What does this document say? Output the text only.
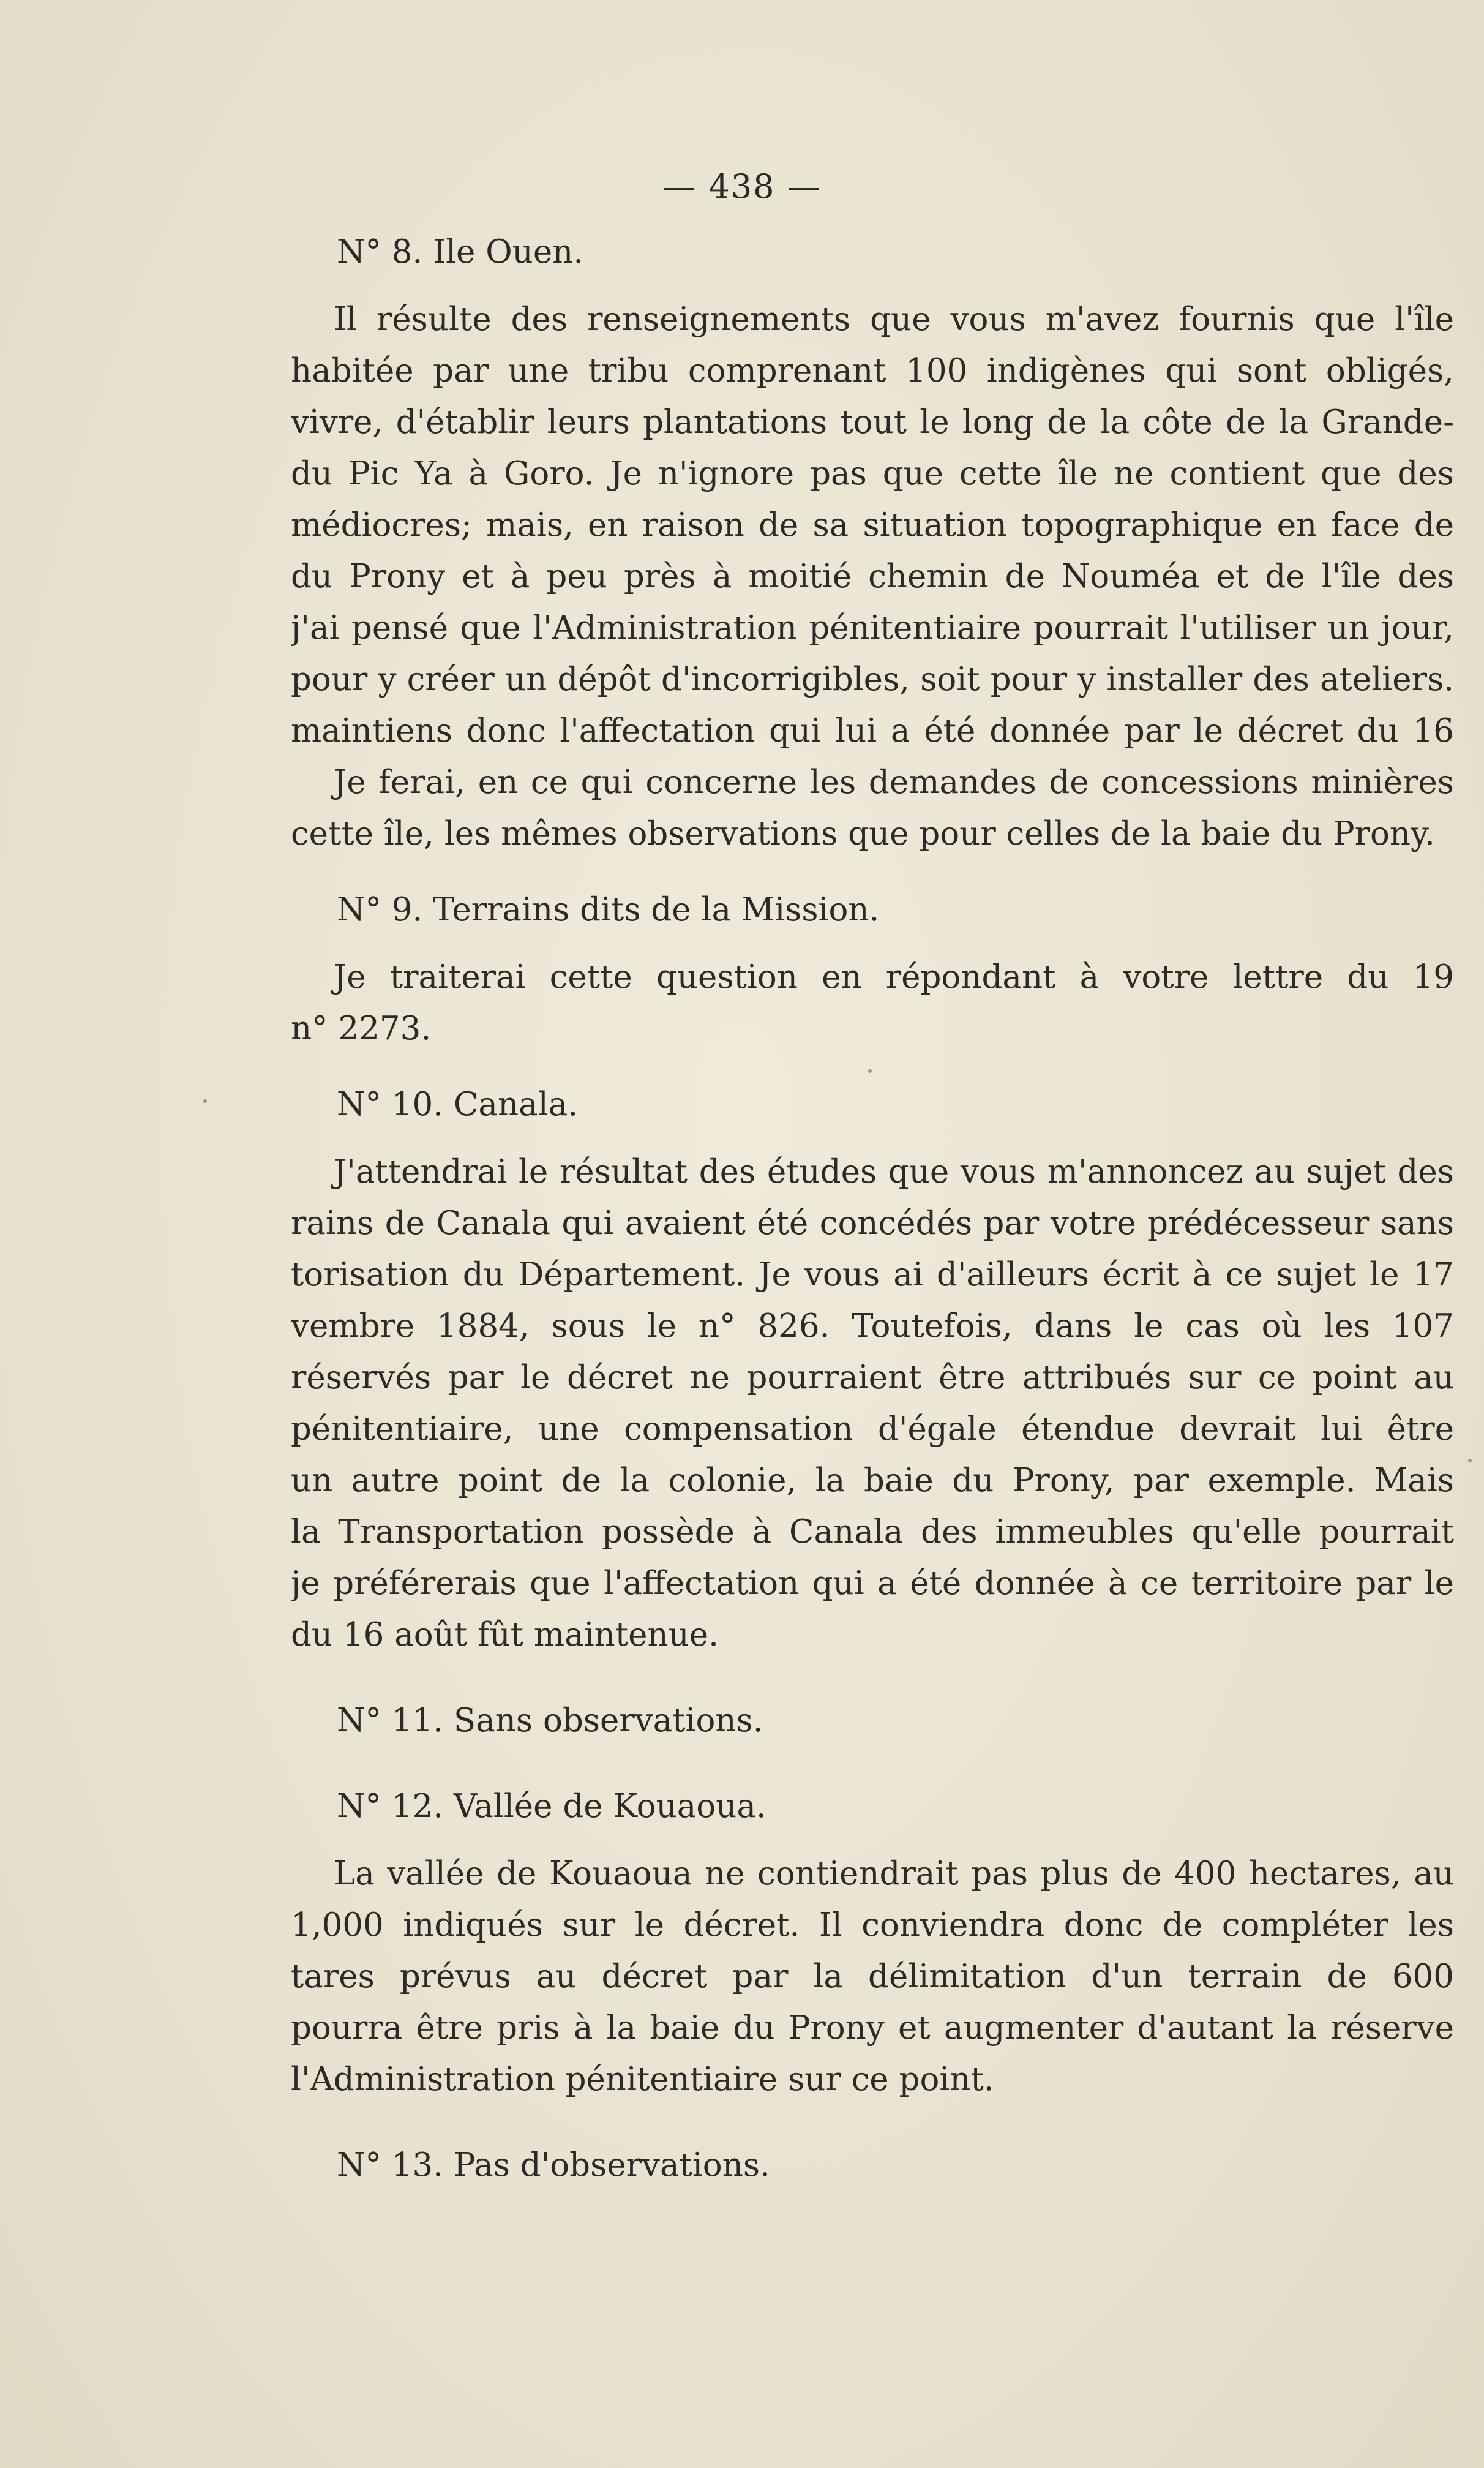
— 438 —
N° 8. Ile Ouen.
Il résulte des renseignements que vous m'avez fournis que l'île
habitée par une tribu comprenant 100 indigènes qui sont obligés,
vivre, d'établir leurs plantations tout le long de la côte de la Grande-
du Pic Ya à Goro. Je n'ignore pas que cette île ne contient que des
médiocres; mais, en raison de sa situation topographique en face de
du Prony et à peu près à moitié chemin de Nouméa et de l'île des
j'ai pensé que l'Administration pénitentiaire pourrait l'utiliser un jour,
pour y créer un dépôt d'incorrigibles, soit pour y installer des ateliers.
maintiens donc l'affectation qui lui a été donnée par le décret du 16
Je ferai, en ce qui concerne les demandes de concessions minières
cette île, les mêmes observations que pour celles de la baie du Prony.
N° 9. Terrains dits de la Mission.
Je traiterai cette question en répondant à votre lettre du 19
n° 2273.
N° 10. Canala.
J'attendrai le résultat des études que vous m'annoncez au sujet des
rains de Canala qui avaient été concédés par votre prédécesseur sans
torisation du Département. Je vous ai d'ailleurs écrit à ce sujet le 17
vembre 1884, sous le n° 826. Toutefois, dans le cas où les 107
réservés par le décret ne pourraient être attribués sur ce point au
pénitentiaire, une compensation d'égale étendue devrait lui être
un autre point de la colonie, la baie du Prony, par exemple. Mais
la Transportation possède à Canala des immeubles qu'elle pourrait
je préférerais que l'affectation qui a été donnée à ce territoire par le
du 16 août fût maintenue.
N° 11. Sans observations.
N° 12. Vallée de Kouaoua.
La vallée de Kouaoua ne contiendrait pas plus de 400 hectares, au
1,000 indiqués sur le décret. Il conviendra donc de compléter les
tares prévus au décret par la délimitation d'un terrain de 600
pourra être pris à la baie du Prony et augmenter d'autant la réserve
l'Administration pénitentiaire sur ce point.
N° 13. Pas d'observations.
